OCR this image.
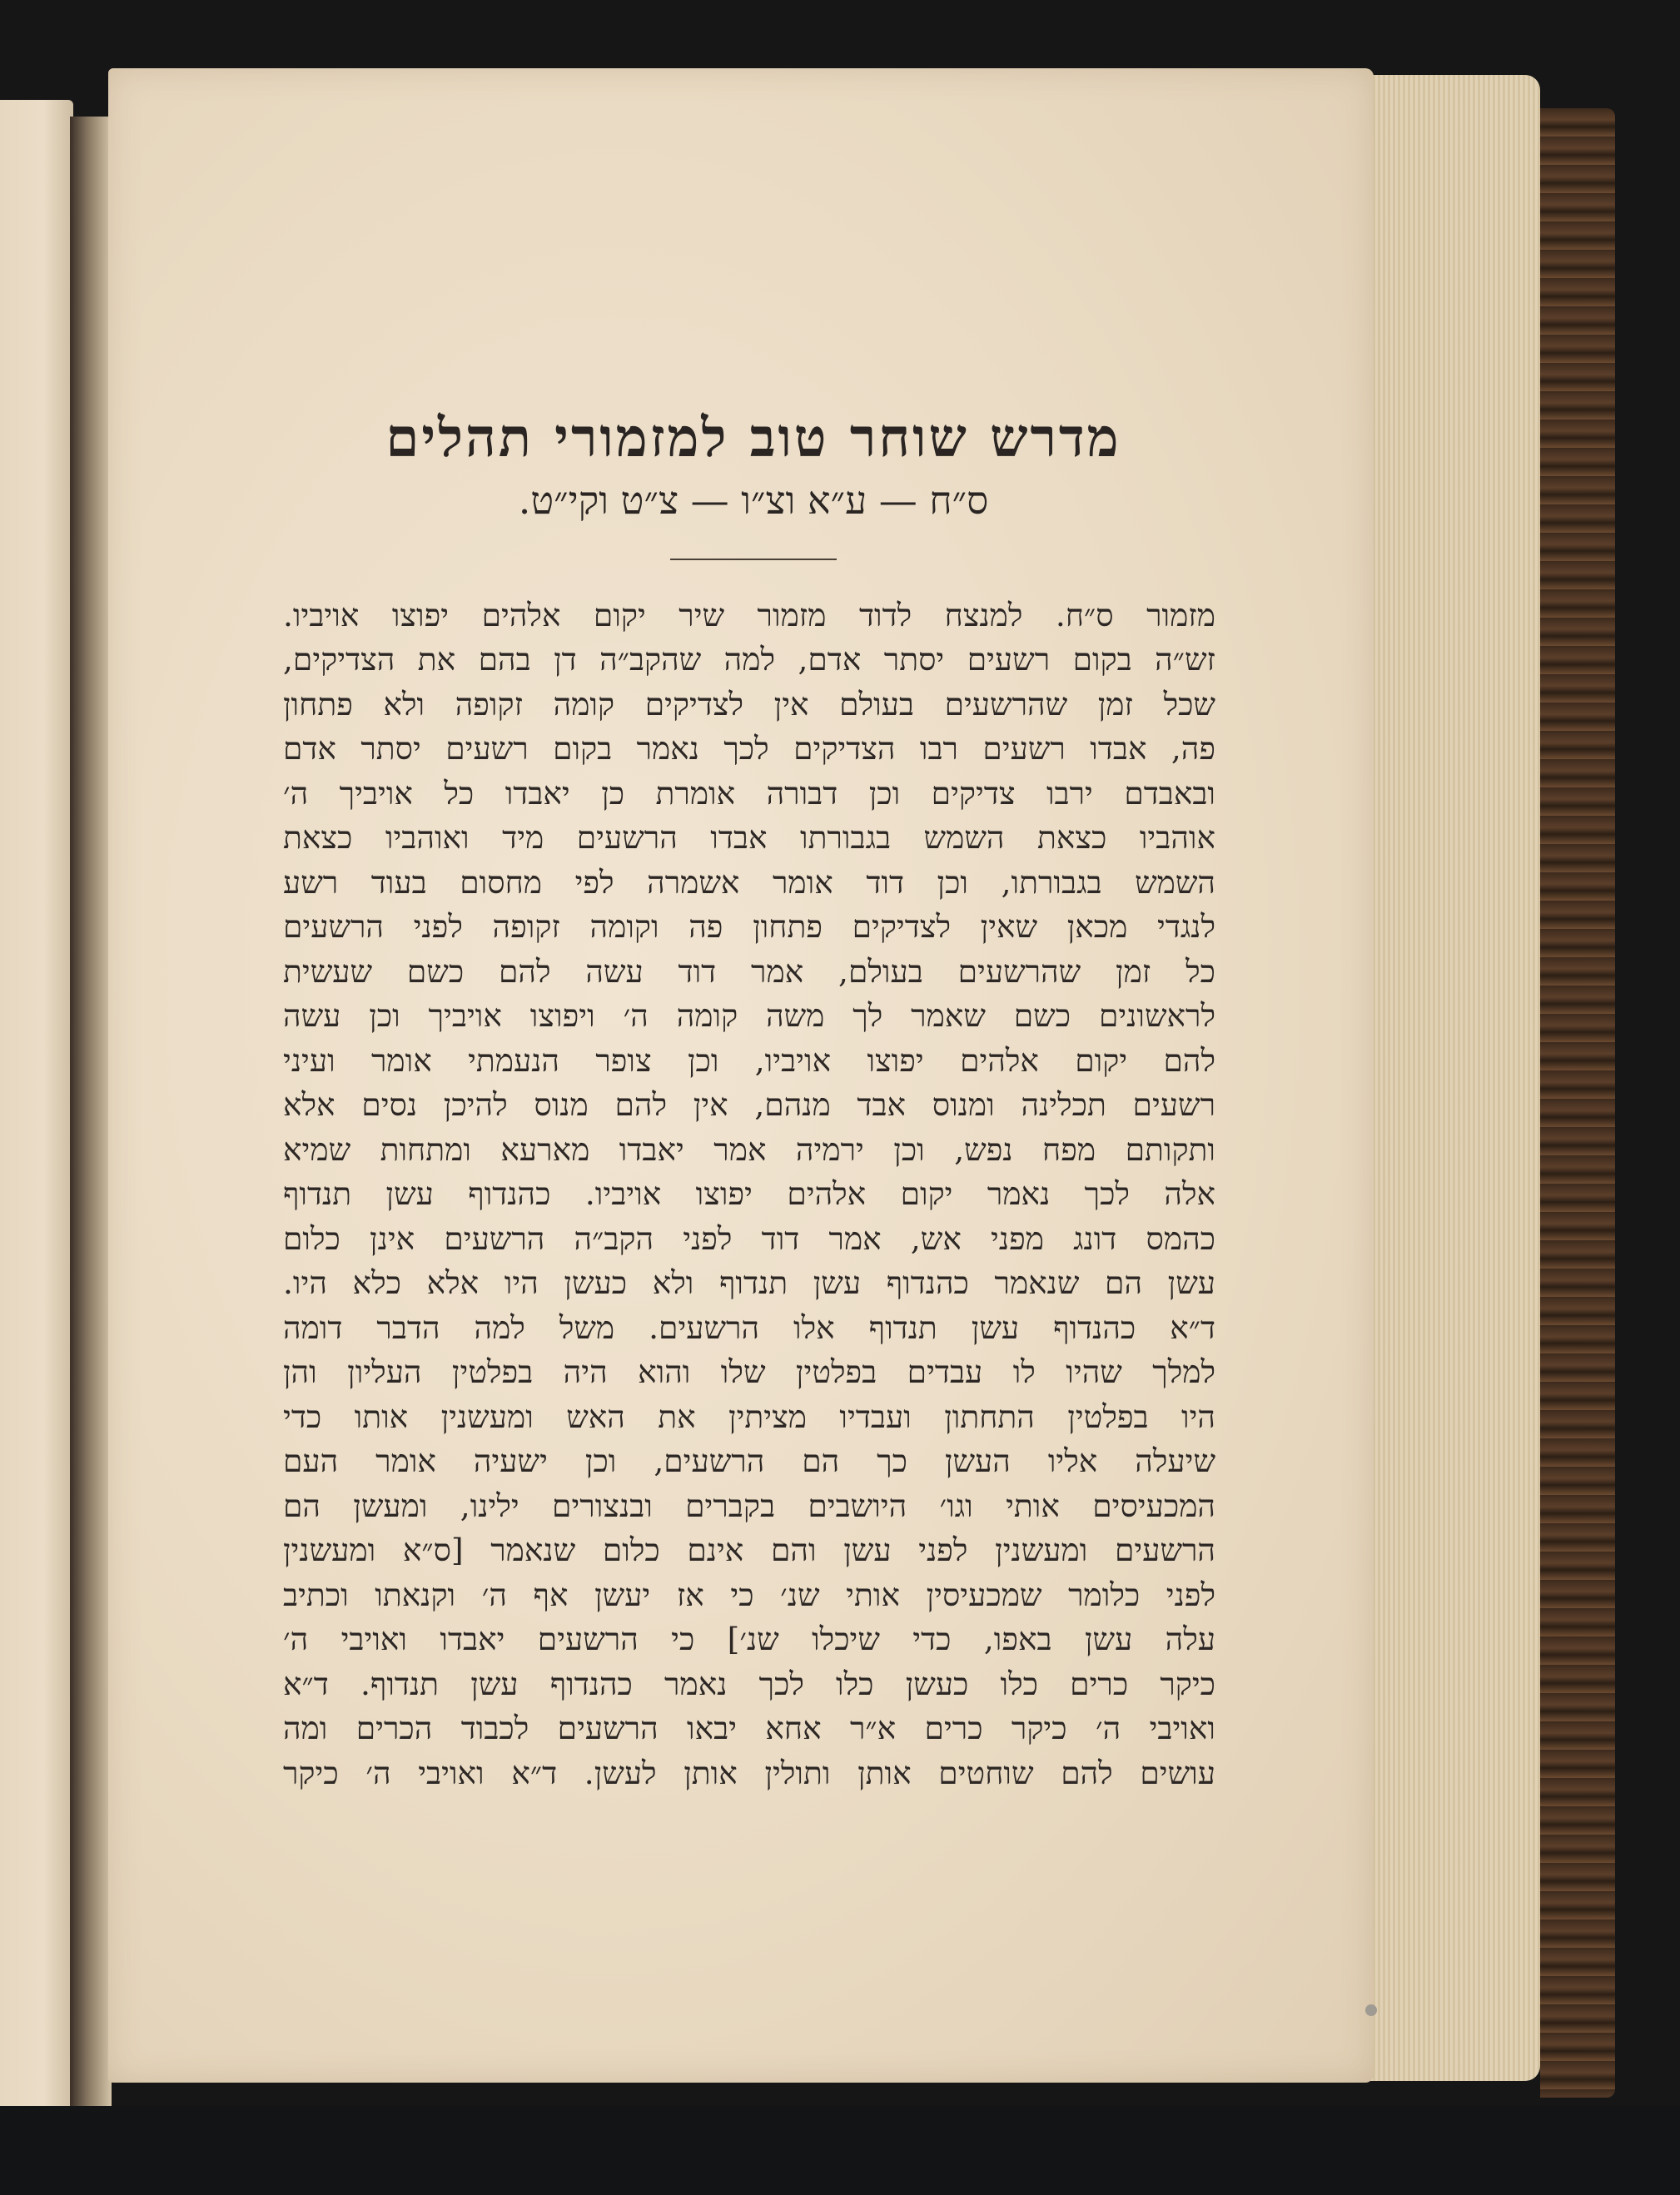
מדרש שוחר טוב למזמורי תהלים
ס״ח — ע״א וצ״ו — צ״ט וקי״ט.
מזמור ס״ח. למנצח לדוד מזמור שיר יקום אלהים יפוצו אויביו.
זש״ה בקום רשעים יסתר אדם, למה שהקב״ה דן בהם את הצדיקים,
שכל זמן שהרשעים בעולם אין לצדיקים קומה זקופה ולא פתחון
פה, אבדו רשעים רבו הצדיקים לכך נאמר בקום רשעים יסתר אדם
ובאבדם ירבו צדיקים וכן דבורה אומרת כן יאבדו כל אויביך ה׳
אוהביו כצאת השמש בגבורתו אבדו הרשעים מיד ואוהביו כצאת
השמש בגבורתו, וכן דוד אומר אשמרה לפי מחסום בעוד רשע
לנגדי מכאן שאין לצדיקים פתחון פה וקומה זקופה לפני הרשעים
כל זמן שהרשעים בעולם, אמר דוד עשה להם כשם שעשית
לראשונים כשם שאמר לך משה קומה ה׳ ויפוצו אויביך וכן עשה
להם יקום אלהים יפוצו אויביו, וכן צופר הנעמתי אומר ועיני
רשעים תכלינה ומנוס אבד מנהם, אין להם מנוס להיכן נסים אלא
ותקותם מפח נפש, וכן ירמיה אמר יאבדו מארעא ומתחות שמיא
אלה לכך נאמר יקום אלהים יפוצו אויביו. כהנדוף עשן תנדוף
כהמס דונג מפני אש, אמר דוד לפני הקב״ה הרשעים אינן כלום
עשן הם שנאמר כהנדוף עשן תנדוף ולא כעשן היו אלא כלא היו.
ד״א כהנדוף עשן תנדוף אלו הרשעים. משל למה הדבר דומה
למלך שהיו לו עבדים בפלטין שלו והוא היה בפלטין העליון והן
היו בפלטין התחתון ועבדיו מציתין את האש ומעשנין אותו כדי
שיעלה אליו העשן כך הם הרשעים, וכן ישעיה אומר העם
המכעיסים אותי וגו׳ היושבים בקברים ובנצורים ילינו, ומעשן הם
הרשעים ומעשנין לפני עשן והם אינם כלום שנאמר [ס״א ומעשנין
לפני כלומר שמכעיסין אותי שנ׳ כי אז יעשן אף ה׳ וקנאתו וכתיב
עלה עשן באפו, כדי שיכלו שנ׳] כי הרשעים יאבדו ואויבי ה׳
כיקר כרים כלו כעשן כלו לכך נאמר כהנדוף עשן תנדוף. ד״א
ואויבי ה׳ כיקר כרים א״ר אחא יבאו הרשעים לכבוד הכרים ומה
עושים להם שוחטים אותן ותולין אותן לעשן. ד״א ואויבי ה׳ כיקר
